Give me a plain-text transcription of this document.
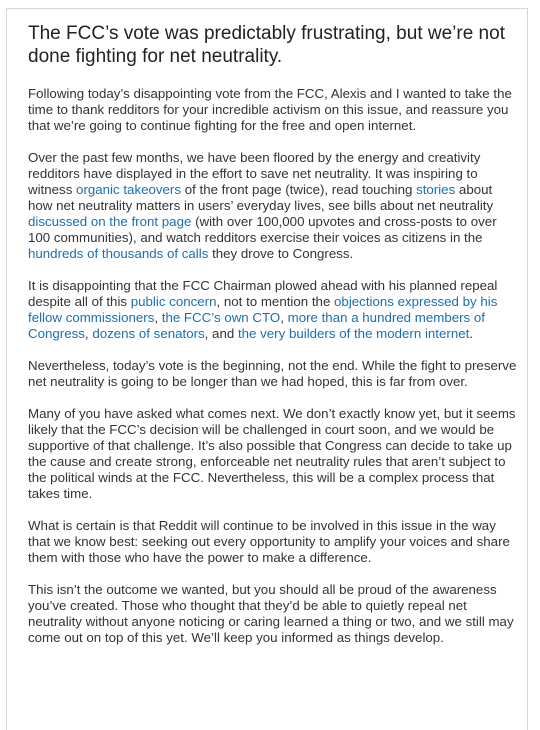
The FCC’s vote was predictably frustrating, but we’re not done fighting for net neutrality.

Following today’s disappointing vote from the FCC, Alexis and I wanted to take the time to thank redditors for your incredible activism on this issue, and reassure you that we’re going to continue fighting for the free and open internet.

Over the past few months, we have been floored by the energy and creativity redditors have displayed in the effort to save net neutrality. It was inspiring to witness organic takeovers of the front page (twice), read touching stories about how net neutrality matters in users’ everyday lives, see bills about net neutrality discussed on the front page (with over 100,000 upvotes and cross-posts to over 100 communities), and watch redditors exercise their voices as citizens in the hundreds of thousands of calls they drove to Congress.

It is disappointing that the FCC Chairman plowed ahead with his planned repeal despite all of this public concern, not to mention the objections expressed by his fellow commissioners, the FCC’s own CTO, more than a hundred members of Congress, dozens of senators, and the very builders of the modern internet.

Nevertheless, today’s vote is the beginning, not the end. While the fight to preserve net neutrality is going to be longer than we had hoped, this is far from over.

Many of you have asked what comes next. We don’t exactly know yet, but it seems likely that the FCC’s decision will be challenged in court soon, and we would be supportive of that challenge. It’s also possible that Congress can decide to take up the cause and create strong, enforceable net neutrality rules that aren’t subject to the political winds at the FCC. Nevertheless, this will be a complex process that takes time.

What is certain is that Reddit will continue to be involved in this issue in the way that we know best: seeking out every opportunity to amplify your voices and share them with those who have the power to make a difference.

This isn’t the outcome we wanted, but you should all be proud of the awareness you’ve created. Those who thought that they’d be able to quietly repeal net neutrality without anyone noticing or caring learned a thing or two, and we still may come out on top of this yet. We’ll keep you informed as things develop.
